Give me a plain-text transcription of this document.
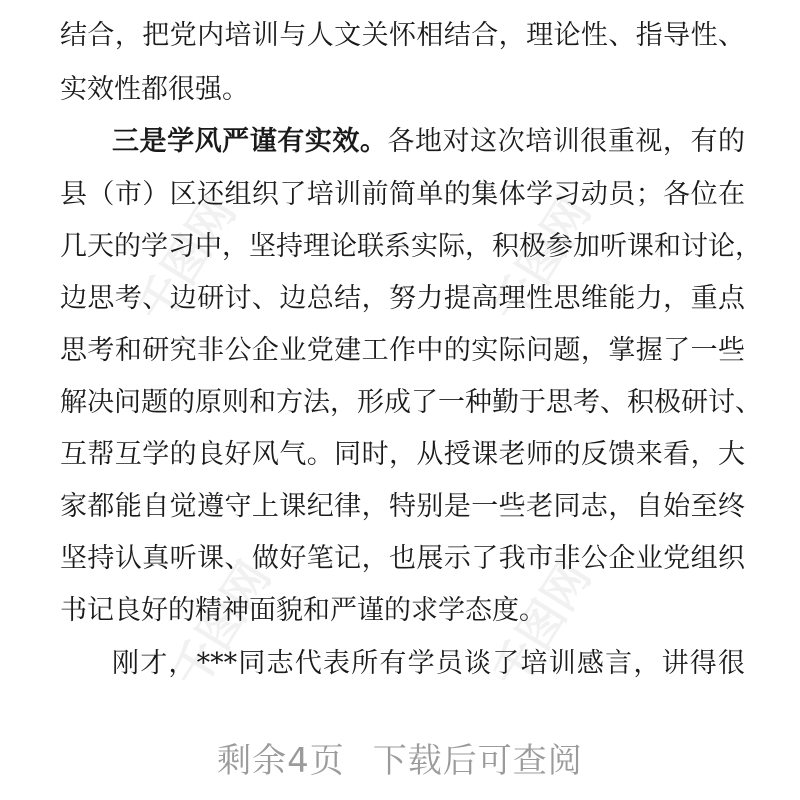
千图网	千图网
千图网	千图网
结合，把党内培训与人文关怀相结合，理论性、指导性、
实效性都很强。
三是学风严谨有实效。各地对这次培训很重视，有的
县（市）区还组织了培训前简单的集体学习动员；各位在
几天的学习中，坚持理论联系实际，积极参加听课和讨论，
边思考、边研讨、边总结，努力提高理性思维能力，重点
思考和研究非公企业党建工作中的实际问题，掌握了一些
解决问题的原则和方法，形成了一种勤于思考、积极研讨、
互帮互学的良好风气。同时，从授课老师的反馈来看，大
家都能自觉遵守上课纪律，特别是一些老同志，自始至终
坚持认真听课、做好笔记，也展示了我市非公企业党组织
书记良好的精神面貌和严谨的求学态度。
刚才，***同志代表所有学员谈了培训感言，讲得很
剩余4页 下载后可查阅
